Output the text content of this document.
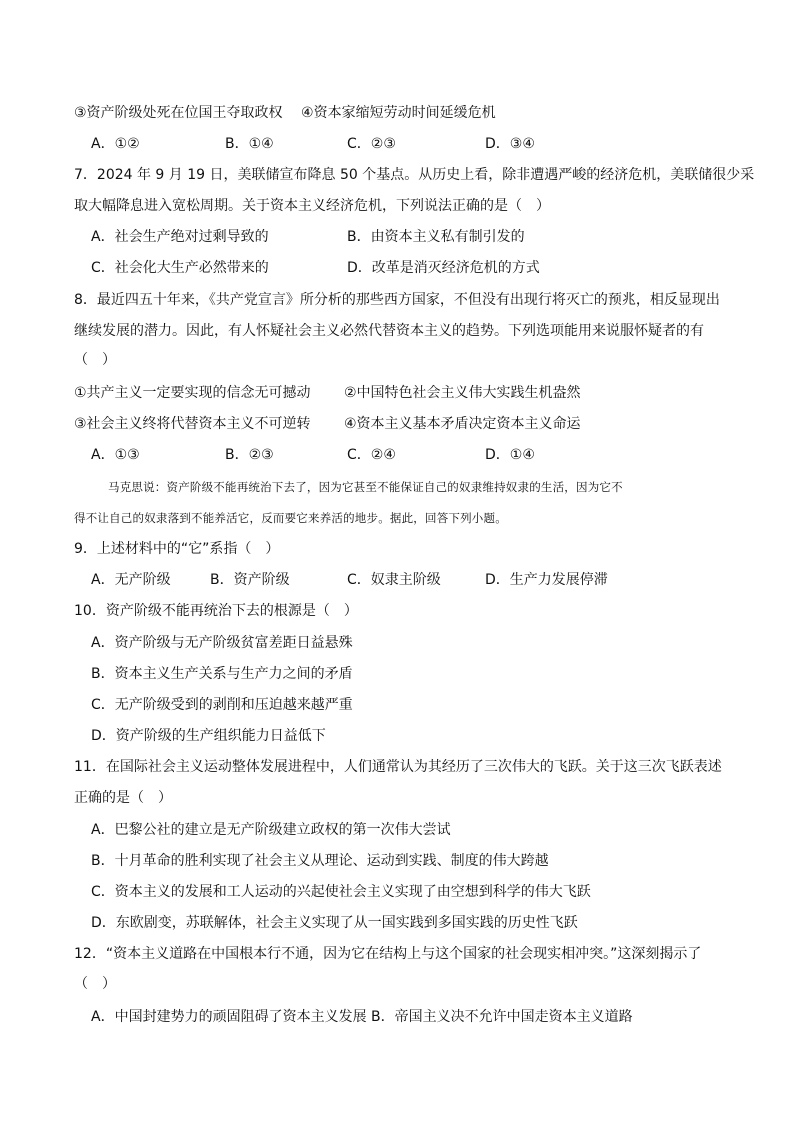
③资产阶级处死在位国王夺取政权 ④资本家缩短劳动时间延缓危机
A．①②	B．①④	C．②③	D．③④
7．2024 年 9 月 19 日，美联储宣布降息 50 个基点。从历史上看，除非遭遇严峻的经济危机，美联储很少采
取大幅降息进入宽松周期。关于资本主义经济危机，下列说法正确的是（　）
A．社会生产绝对过剩导致的	B．由资本主义私有制引发的
C．社会化大生产必然带来的	D．改革是消灭经济危机的方式
8．最近四五十年来，《共产党宣言》所分析的那些西方国家，不但没有出现行将灭亡的预兆，相反显现出
继续发展的潜力。因此，有人怀疑社会主义必然代替资本主义的趋势。下列选项能用来说服怀疑者的有
（　）
①共产主义一定要实现的信念无可撼动 ②中国特色社会主义伟大实践生机盎然
③社会主义终将代替资本主义不可逆转 ④资本主义基本矛盾决定资本主义命运
A．①③	B．②③	C．②④	D．①④
马克思说：资产阶级不能再统治下去了，因为它甚至不能保证自己的奴隶维持奴隶的生活，因为它不
得不让自己的奴隶落到不能养活它，反而要它来养活的地步。据此，回答下列小题。
9．上述材料中的“它”系指（　）
A．无产阶级	B．资产阶级	C．奴隶主阶级	D．生产力发展停滞
10．资产阶级不能再统治下去的根源是（　）
A．资产阶级与无产阶级贫富差距日益悬殊
B．资本主义生产关系与生产力之间的矛盾
C．无产阶级受到的剥削和压迫越来越严重
D．资产阶级的生产组织能力日益低下
11．在国际社会主义运动整体发展进程中，人们通常认为其经历了三次伟大的飞跃。关于这三次飞跃表述
正确的是（　）
A．巴黎公社的建立是无产阶级建立政权的第一次伟大尝试
B．十月革命的胜利实现了社会主义从理论、运动到实践、制度的伟大跨越
C．资本主义的发展和工人运动的兴起使社会主义实现了由空想到科学的伟大飞跃
D．东欧剧变，苏联解体，社会主义实现了从一国实践到多国实践的历史性飞跃
12．“资本主义道路在中国根本行不通，因为它在结构上与这个国家的社会现实相冲突。”这深刻揭示了
（　）
A．中国封建势力的顽固阻碍了资本主义发展 B．帝国主义决不允许中国走资本主义道路
